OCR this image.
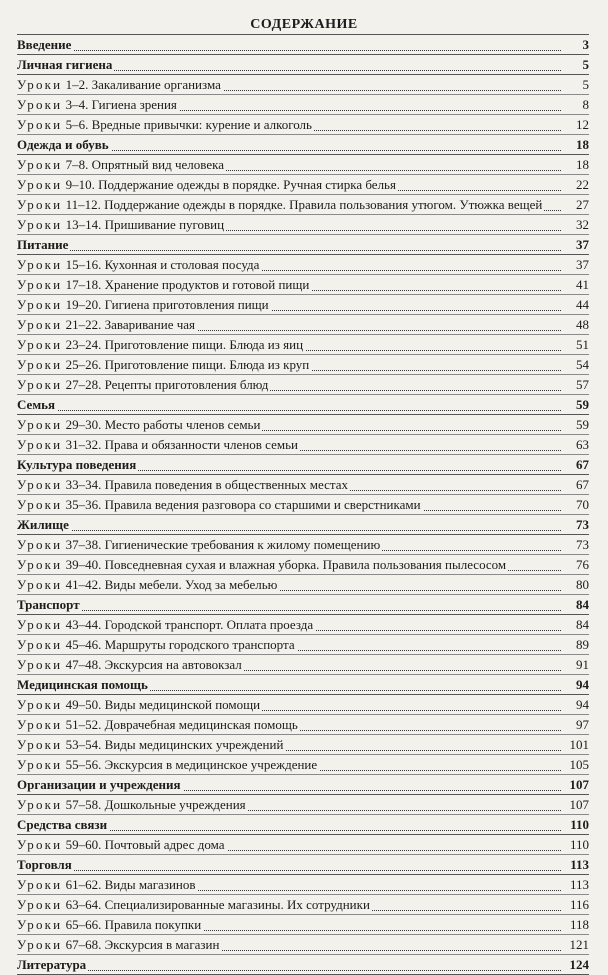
СОДЕРЖАНИЕ
Введение	3
Личная гигиена	5
Уроки 1–2. Закаливание организма	5
Уроки 3–4. Гигиена зрения	8
Уроки 5–6. Вредные привычки: курение и алкоголь	12
Одежда и обувь	18
Уроки 7–8. Опрятный вид человека	18
Уроки 9–10. Поддержание одежды в порядке. Ручная стирка белья	22
Уроки 11–12. Поддержание одежды в порядке. Правила пользования утюгом. Утюжка вещей	27
Уроки 13–14. Пришивание пуговиц	32
Питание	37
Уроки 15–16. Кухонная и столовая посуда	37
Уроки 17–18. Хранение продуктов и готовой пищи	41
Уроки 19–20. Гигиена приготовления пищи	44
Уроки 21–22. Заваривание чая	48
Уроки 23–24. Приготовление пищи. Блюда из яиц	51
Уроки 25–26. Приготовление пищи. Блюда из круп	54
Уроки 27–28. Рецепты приготовления блюд	57
Семья	59
Уроки 29–30. Место работы членов семьи	59
Уроки 31–32. Права и обязанности членов семьи	63
Культура поведения	67
Уроки 33–34. Правила поведения в общественных местах	67
Уроки 35–36. Правила ведения разговора со старшими и сверстниками	70
Жилище	73
Уроки 37–38. Гигиенические требования к жилому помещению	73
Уроки 39–40. Повседневная сухая и влажная уборка. Правила пользования пылесосом	76
Уроки 41–42. Виды мебели. Уход за мебелью	80
Транспорт	84
Уроки 43–44. Городской транспорт. Оплата проезда	84
Уроки 45–46. Маршруты городского транспорта	89
Уроки 47–48. Экскурсия на автовокзал	91
Медицинская помощь	94
Уроки 49–50. Виды медицинской помощи	94
Уроки 51–52. Доврачебная медицинская помощь	97
Уроки 53–54. Виды медицинских учреждений	101
Уроки 55–56. Экскурсия в медицинское учреждение	105
Организации и учреждения	107
Уроки 57–58. Дошкольные учреждения	107
Средства связи	110
Уроки 59–60. Почтовый адрес дома	110
Торговля	113
Уроки 61–62. Виды магазинов	113
Уроки 63–64. Специализированные магазины. Их сотрудники	116
Уроки 65–66. Правила покупки	118
Уроки 67–68. Экскурсия в магазин	121
Литература	124
